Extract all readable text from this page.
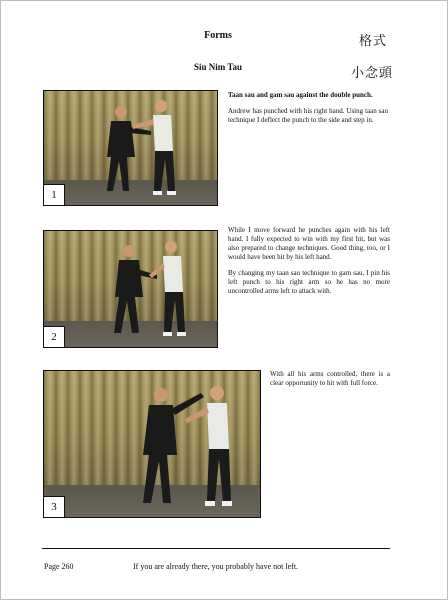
Forms	格式
Siu Nim Tau	小念頭
1

Taan sau and gam sau against the double punch.

Andrew has punched with his right hand. Using taan sau technique I deflect the punch to the side and step in.

2

While I move forward he punches again with his left hand. I fully expected to win with my first hit, but was also prepared to change techniques. Good thing, too, or I would have been hit by his left hand.

By changing my taan sau technique to gam sau, I pin his left punch to his right arm so he has no more uncontrolled arms left to attack with.

3

With all his arms controlled, there is a clear opportunity to hit with full force.

Page 260	If you are already there, you probably have not left.
